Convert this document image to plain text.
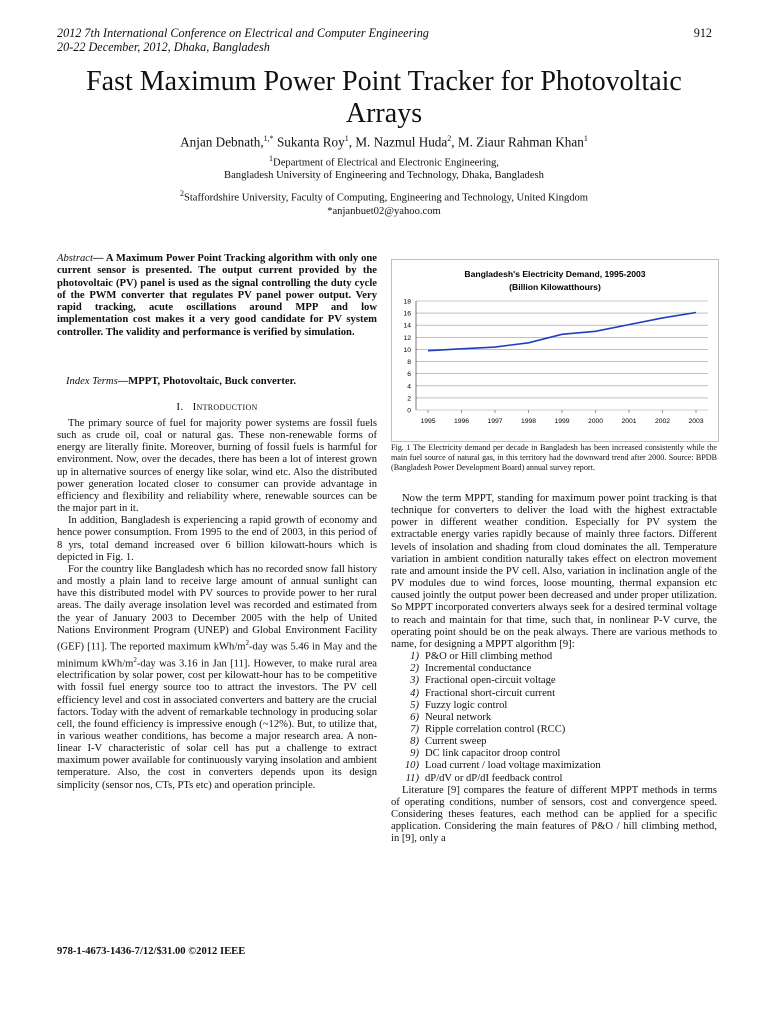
2012 7th International Conference on Electrical and Computer Engineering
20-22 December, 2012, Dhaka, Bangladesh
912
Fast Maximum Power Point Tracker for Photovoltaic
Arrays
Anjan Debnath,$^{1,*}$ Sukanta Roy$^1$, M. Nazmul Huda$^2$, M. Ziaur Rahman Khan$^1$
$^1$Department of Electrical and Electronic Engineering,
Bangladesh University of Engineering and Technology, Dhaka, Bangladesh
$^2$Staffordshire University, Faculty of Computing, Engineering and Technology, United Kingdom
*anjanbuet02@yahoo.com
Abstract— A Maximum Power Point Tracking algorithm with only one current sensor is presented. The output current provided by the photovoltaic (PV) panel is used as the signal controlling the duty cycle of the PWM converter that regulates PV panel power output. Very rapid tracking, acute oscillations around MPP and low implementation cost makes it a very good candidate for PV system controller. The validity and performance is verified by simulation.
Index Terms—MPPT, Photovoltaic, Buck converter.
I. Introduction

The primary source of fuel for majority power systems are fossil fuels such as crude oil, coal or natural gas. These non-renewable forms of energy are literally finite. Moreover, burning of fossil fuels is harmful for environment. Now, over the decades, there has been a lot of interest grown up in alternative sources of energy like solar, wind etc. Also the distributed power generation located closer to consumer can provide advantage in efficiency and flexibility and reliability where, renewable sources can be the major part in it.

In addition, Bangladesh is experiencing a rapid growth of economy and hence power consumption. From 1995 to the end of 2003, in this period of 8 yrs, total demand increased over 6 billion kilowatt-hours which is depicted in Fig. 1.

For the country like Bangladesh which has no recorded snow fall history and mostly a plain land to receive large amount of annual sunlight can have this distributed model with PV sources to provide power to her rural areas. The daily average insolation level was recorded and estimated from the year of January 2003 to December 2005 with the help of United Nations Environment Program (UNEP) and Global Environment Facility (GEF) [11]. The reported maximum kWh/$m^2$-day was 5.46 in May and the minimum kWh/$m^2$-day was 3.16 in Jan [11]. However, to make rural area electrification by solar power, cost per kilowatt-hour has to be competitive with fossil fuel energy source too to attract the investors. The PV cell efficiency level and cost in associated converters and battery are the crucial factors. Today with the advent of remarkable technology in producing solar cell, the found efficiency is impressive enough (~12%). But, to utilize that, in various weather conditions, has become a major research area. A non-linear I-V characteristic of solar cell has put a challenge to extract maximum power available for continuously varying insolation and ambient temperature. Also, the cost in converters depends upon its design simplicity (sensor nos, CTs, PTs etc) and operation principle.

Bangladesh's Electricity Demand, 1995-2003
(Billion Kilowatthours)
0
2
4
6
8
10
12
14
16
18
1995	1996	1997	1998	1999	2000	2001	2002	2003
Fig. 1 The Electricity demand per decade in Bangladesh has been increased consistently while the main fuel source of natural gas, in this territory had the downward trend after 2000. Source: BPDB (Bangladesh Power Development Board) annual survey report.

Now the term MPPT, standing for maximum power point tracking is that technique for converters to deliver the load with the highest extractable power in different weather condition. Especially for PV system the extractable energy varies rapidly because of mainly three factors. Different levels of insolation and shading from cloud dominates the all. Temperature variation in ambient condition naturally takes effect on electron movement rate and amount inside the PV cell. Also, variation in inclination angle of the PV modules due to wind forces, loose mounting, thermal expansion etc caused jointly the output power been decreased and under proper utilization. So MPPT incorporated converters always seek for a desired terminal voltage to reach and maintain for that time, such that, in nonlinear P-V curve, the operating point should be on the peak always. There are various methods to name, for designing a MPPT algorithm [9]:

1) P&O or Hill climbing method
2) Incremental conductance
3) Fractional open-circuit voltage
4) Fractional short-circuit current
5) Fuzzy logic control
6) Neural network
7) Ripple correlation control (RCC)
8) Current sweep
9) DC link capacitor droop control
10) Load current / load voltage maximization
11) dP/dV or dP/dI feedback control

Literature [9] compares the feature of different MPPT methods in terms of operating conditions, number of sensors, cost and convergence speed. Considering theses features, each method can be applied for a specific application. Considering the main features of P&O / hill climbing method, in [9], only a

978-1-4673-1436-7/12/$31.00 ©2012 IEEE
